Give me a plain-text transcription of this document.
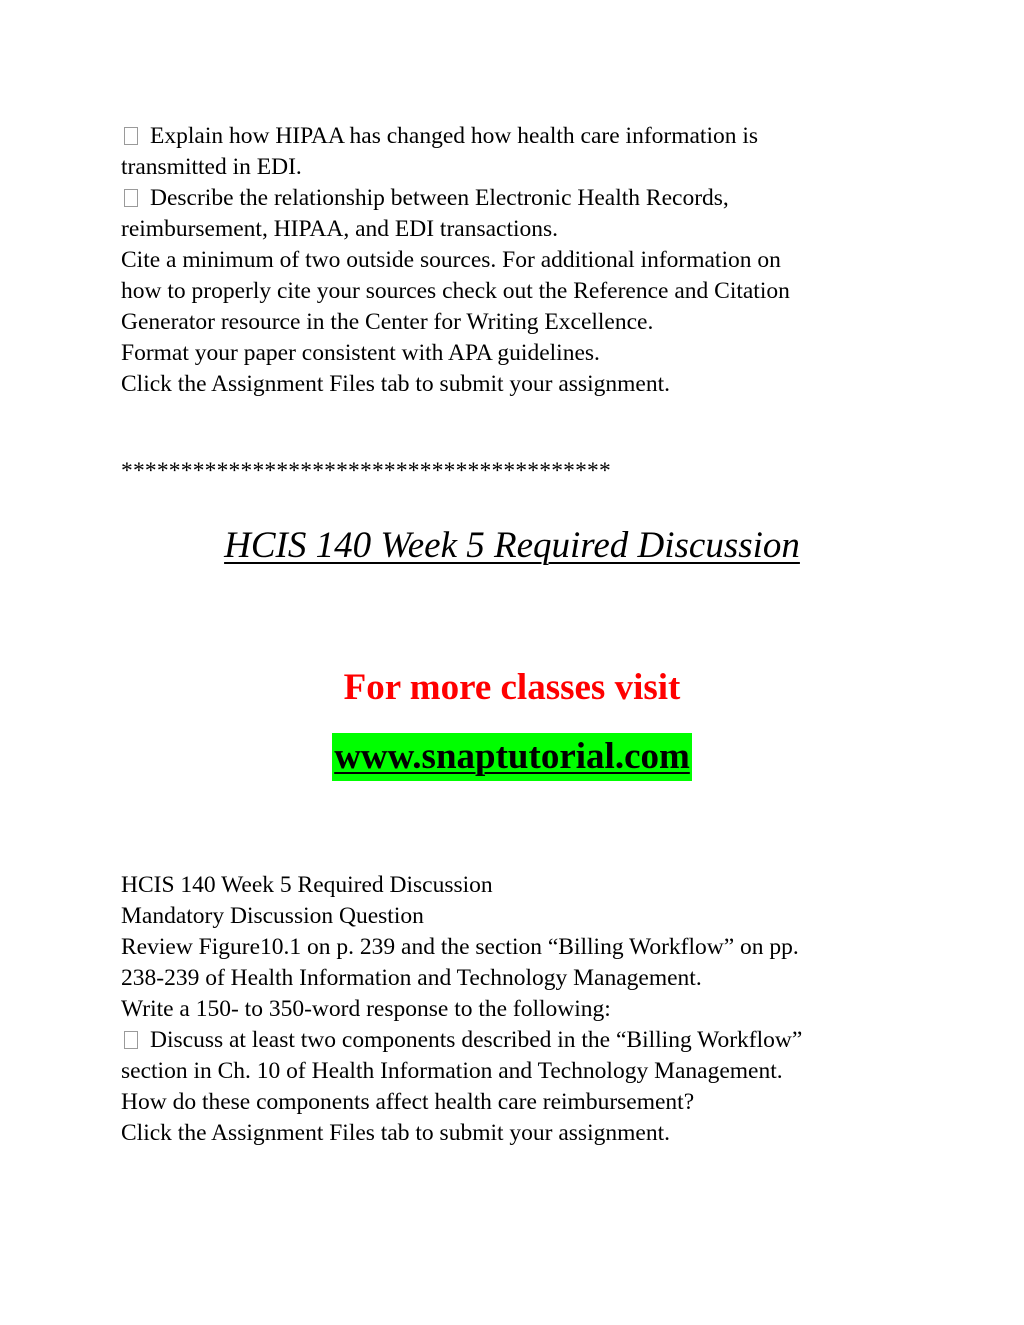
Explain how HIPAA has changed how health care information is

transmitted in EDI.

Describe the relationship between Electronic Health Records,

reimbursement, HIPAA, and EDI transactions.

Cite a minimum of two outside sources. For additional information on

how to properly cite your sources check out the Reference and Citation

Generator resource in the Center for Writing Excellence.

Format your paper consistent with APA guidelines.

Click the Assignment Files tab to submit your assignment.

*****************************************
HCIS 140 Week 5 Required Discussion
For more classes visit
www.snaptutorial.com

HCIS 140 Week 5 Required Discussion

Mandatory Discussion Question

Review Figure10.1 on p. 239 and the section “Billing Workflow” on pp.

238-239 of Health Information and Technology Management.

Write a 150- to 350-word response to the following:

Discuss at least two components described in the “Billing Workflow”

section in Ch. 10 of Health Information and Technology Management.

How do these components affect health care reimbursement?

Click the Assignment Files tab to submit your assignment.
